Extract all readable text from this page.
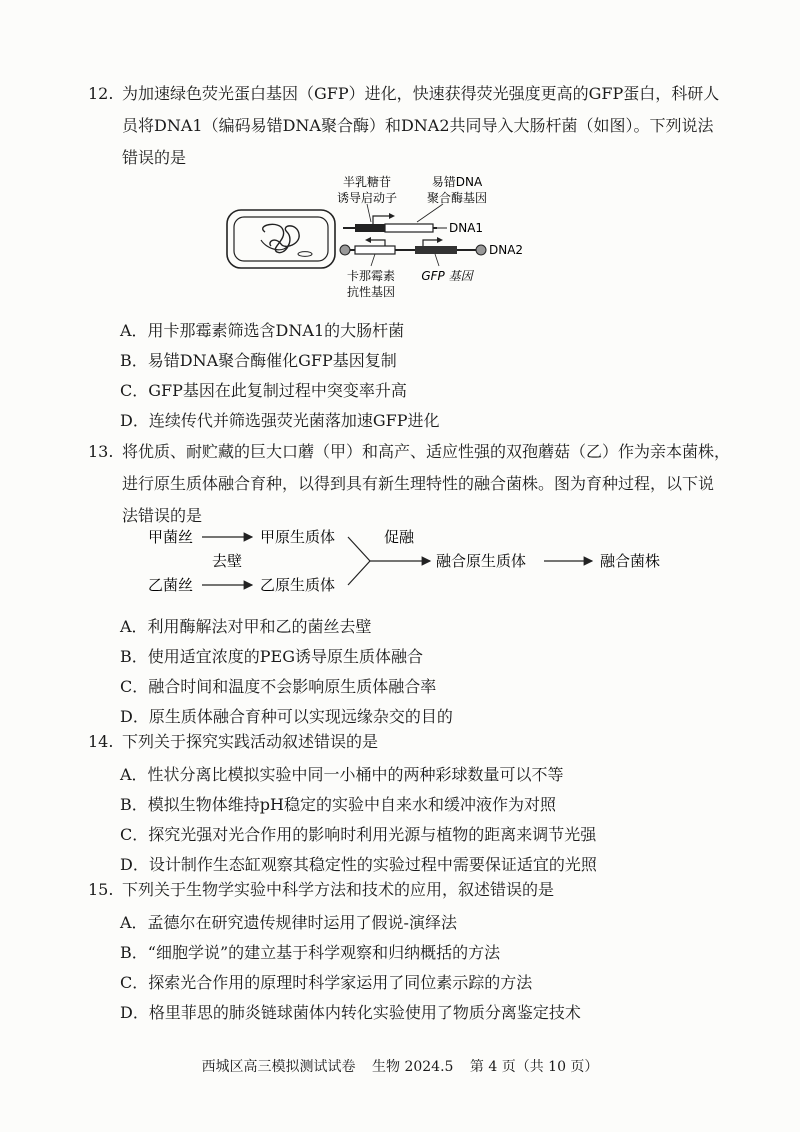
12. 为加速绿色荧光蛋白基因（GFP）进化，快速获得荧光强度更高的GFP蛋白，科研人

员将DNA1（编码易错DNA聚合酶）和DNA2共同导入大肠杆菌（如图）。下列说法

错误的是

半乳糖苷
诱导启动子
易错DNA
聚合酶基因
DNA1
DNA2
卡那霉素
抗性基因
GFP 基因
A．用卡那霉素筛选含DNA1的大肠杆菌
B．易错DNA聚合酶催化GFP基因复制
C．GFP基因在此复制过程中突变率升高
D．连续传代并筛选强荧光菌落加速GFP进化

13. 将优质、耐贮藏的巨大口蘑（甲）和高产、适应性强的双孢蘑菇（乙）作为亲本菌株，

进行原生质体融合育种，以得到具有新生理特性的融合菌株。图为育种过程，以下说

法错误的是

甲菌丝	甲原生质体
去壁
乙菌丝	乙原生质体
促融
融合原生质体	融合菌株
A．利用酶解法对甲和乙的菌丝去壁
B．使用适宜浓度的PEG诱导原生质体融合
C．融合时间和温度不会影响原生质体融合率
D．原生质体融合育种可以实现远缘杂交的目的

14. 下列关于探究实践活动叙述错误的是

A．性状分离比模拟实验中同一小桶中的两种彩球数量可以不等
B．模拟生物体维持pH稳定的实验中自来水和缓冲液作为对照
C．探究光强对光合作用的影响时利用光源与植物的距离来调节光强
D．设计制作生态缸观察其稳定性的实验过程中需要保证适宜的光照

15. 下列关于生物学实验中科学方法和技术的应用，叙述错误的是

A．孟德尔在研究遗传规律时运用了假说-演绎法
B．“细胞学说”的建立基于科学观察和归纳概括的方法
C．探索光合作用的原理时科学家运用了同位素示踪的方法
D．格里菲思的肺炎链球菌体内转化实验使用了物质分离鉴定技术
西城区高三模拟测试试卷 生物 2024.5 第 4 页（共 10 页）
